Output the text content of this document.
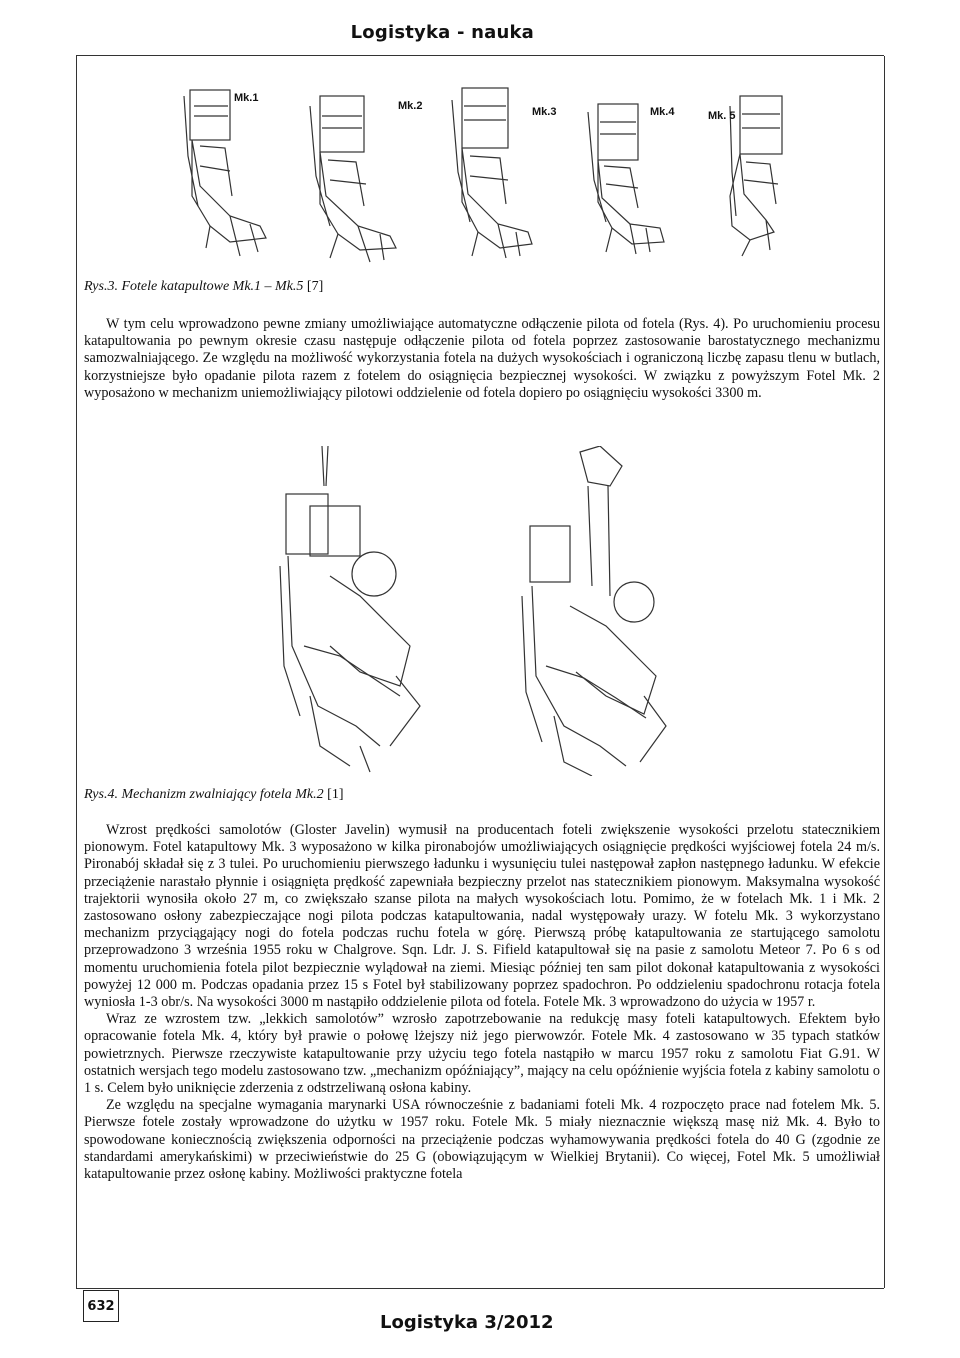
Logistyka - nauka
Mk.1
Mk.2	Mk.3	Mk.4	Mk. 5
Rys.3. Fotele katapultowe Mk.1 – Mk.5 [7]

W tym celu wprowadzono pewne zmiany umożliwiające automatyczne odłączenie pilota od fotela (Rys. 4). Po uruchomieniu procesu katapultowania po pewnym okresie czasu następuje odłączenie pilota od fotela poprzez zastosowanie barostatycznego mechanizmu samozwalniającego. Ze względu na możliwość wykorzystania fotela na dużych wysokościach i ograniczoną liczbę zapasu tlenu w butlach, korzystniejsze było opadanie pilota razem z fotelem do osiągnięcia bezpiecznej wysokości. W związku z powyższym Fotel Mk. 2 wyposażono w mechanizm uniemożliwiający pilotowi oddzielenie od fotela dopiero po osiągnięciu wysokości 3300 m.

Rys.4. Mechanizm zwalniający fotela Mk.2 [1]

Wzrost prędkości samolotów (Gloster Javelin) wymusił na producentach foteli zwiększenie wysokości przelotu statecznikiem pionowym. Fotel katapultowy Mk. 3 wyposażono w kilka pironabojów umożliwiających osiągnięcie prędkości wyjściowej fotela 24 m/s. Pironabój składał się z 3 tulei. Po uruchomieniu pierwszego ładunku i wysunięciu tulei następował zapłon następnego ładunku. W efekcie przeciążenie narastało płynnie i osiągnięta prędkość zapewniała bezpieczny przelot nas statecznikiem pionowym. Maksymalna wysokość trajektorii wynosiła około 27 m, co zwiększało szanse pilota na małych wysokościach lotu. Pomimo, że w fotelach Mk. 1 i Mk. 2 zastosowano osłony zabezpieczające nogi pilota podczas katapultowania, nadal występowały urazy. W fotelu Mk. 3 wykorzystano mechanizm przyciągający nogi do fotela podczas ruchu fotela w górę. Pierwszą próbę katapultowania ze startującego samolotu przeprowadzono 3 września 1955 roku w Chalgrove. Sqn. Ldr. J. S. Fifield katapultował się na pasie z samolotu Meteor 7. Po 6 s od momentu uruchomienia fotela pilot bezpiecznie wylądował na ziemi. Miesiąc później ten sam pilot dokonał katapultowania z wysokości powyżej 12 000 m. Podczas opadania przez 15 s Fotel był stabilizowany poprzez spadochron. Po oddzieleniu spadochronu rotacja fotela wyniosła 1-3 obr/s. Na wysokości 3000 m nastąpiło oddzielenie pilota od fotela. Fotele Mk. 3 wprowadzono do użycia w 1957 r.

Wraz ze wzrostem tzw. „lekkich samolotów” wzrosło zapotrzebowanie na redukcję masy foteli katapultowych. Efektem było opracowanie fotela Mk. 4, który był prawie o połowę lżejszy niż jego pierwowzór. Fotele Mk. 4 zastosowano w 35 typach statków powietrznych. Pierwsze rzeczywiste katapultowanie przy użyciu tego fotela nastąpiło w marcu 1957 roku z samolotu Fiat G.91. W ostatnich wersjach tego modelu zastosowano tzw. „mechanizm opóźniający”, mający na celu opóźnienie wyjścia fotela z kabiny samolotu o 1 s. Celem było uniknięcie zderzenia z odstrzeliwaną osłona kabiny.

Ze względu na specjalne wymagania marynarki USA równocześnie z badaniami foteli Mk. 4 rozpoczęto prace nad fotelem Mk. 5. Pierwsze fotele zostały wprowadzone do użytku w 1957 roku. Fotele Mk. 5 miały nieznacznie większą masę niż Mk. 4. Było to spowodowane koniecznością zwiększenia odporności na przeciążenie podczas wyhamowywania prędkości fotela do 40 G (zgodnie ze standardami amerykańskimi) w przeciwieństwie do 25 G (obowiązującym w Wielkiej Brytanii). Co więcej, Fotel Mk. 5 umożliwiał katapultowanie przez osłonę kabiny. Możliwości praktyczne fotela

632
Logistyka 3/2012
